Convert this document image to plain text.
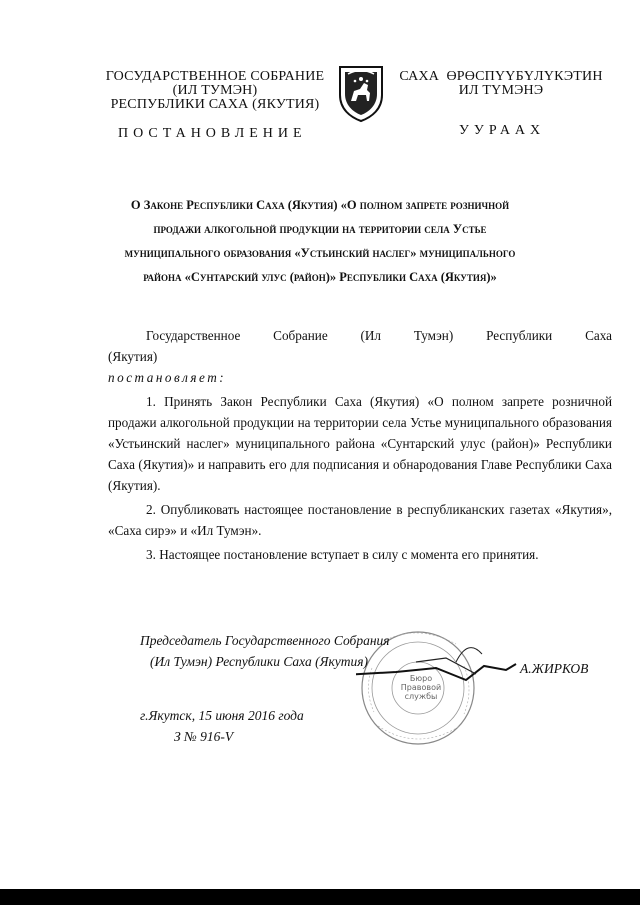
ГОСУДАРСТВЕННОЕ СОБРАНИЕ
(ИЛ ТУМЭН)
РЕСПУБЛИКИ САХА (ЯКУТИЯ)
САХА  ӨРӨСПҮҮБҮЛҮКЭТИН
ИЛ ТҮМЭНЭ
ПОСТАНОВЛЕНИЕ	УУРААХ
О Законе Республики Саха (Якутия) «О полном запрете розничной
продажи алкогольной продукции на территории села Устье
муниципального образования «Устьинский наслег» муниципального
района «Сунтарский улус (район)» Республики Саха (Якутия)»

Государственное Собрание (Ил Тумэн) Республики Саха (Якутия)

постановляет:

1. Принять Закон Республики Саха (Якутия) «О полном запрете розничной продажи алкогольной продукции на территории села Устье муниципального образования «Устьинский наслег» муниципального района «Сунтарский улус (район)» Республики Саха (Якутия)» и направить его для подписания и обнародования Главе Республики Саха (Якутия).

2. Опубликовать настоящее постановление в республиканских газетах «Якутия», «Саха сирэ» и «Ил Тумэн».

3. Настоящее постановление вступает в силу с момента его принятия.

Бюро
Правовой
службы
Председатель Государственного Собрания
(Ил Тумэн) Республики Саха (Якутия)	А.ЖИРКОВ
г.Якутск, 15 июня 2016 года
З № 916-V
